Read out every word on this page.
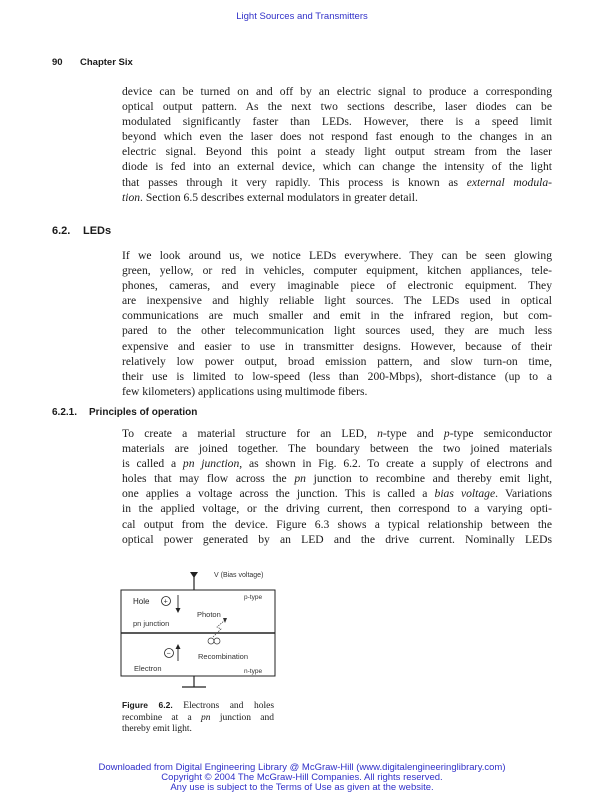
Light Sources and Transmitters
90 Chapter Six
device can be turned on and off by an electric signal to produce a corresponding
optical output pattern. As the next two sections describe, laser diodes can be
modulated significantly faster than LEDs. However, there is a speed limit
beyond which even the laser does not respond fast enough to the changes in an
electric signal. Beyond this point a steady light output stream from the laser
diode is fed into an external device, which can change the intensity of the light
that passes through it very rapidly. This process is known as external modula-
tion. Section 6.5 describes external modulators in greater detail.
6.2. LEDs
If we look around us, we notice LEDs everywhere. They can be seen glowing
green, yellow, or red in vehicles, computer equipment, kitchen appliances, tele-
phones, cameras, and every imaginable piece of electronic equipment. They
are inexpensive and highly reliable light sources. The LEDs used in optical
communications are much smaller and emit in the infrared region, but com-
pared to the other telecommunication light sources used, they are much less
expensive and easier to use in transmitter designs. However, because of their
relatively low power output, broad emission pattern, and slow turn-on time,
their use is limited to low-speed (less than 200-Mbps), short-distance (up to a
few kilometers) applications using multimode fibers.
6.2.1. Principles of operation
To create a material structure for an LED, n-type and p-type semiconductor
materials are joined together. The boundary between the two joined materials
is called a pn junction, as shown in Fig. 6.2. To create a supply of electrons and
holes that may flow across the pn junction to recombine and thereby emit light,
one applies a voltage across the junction. This is called a bias voltage. Variations
in the applied voltage, or the driving current, then correspond to a varying opti-
cal output from the device. Figure 6.3 shows a typical relationship between the
optical power generated by an LED and the drive current. Nominally LEDs
V (Bias voltage)
p-type
n-type
Hole +
Photon
pn junction
Recombination
−
Electron
Figure 6.2. Electrons and holes
recombine at a pn junction and
thereby emit light.
Downloaded from Digital Engineering Library @ McGraw-Hill (www.digitalengineeringlibrary.com)
Copyright © 2004 The McGraw-Hill Companies. All rights reserved.
Any use is subject to the Terms of Use as given at the website.
